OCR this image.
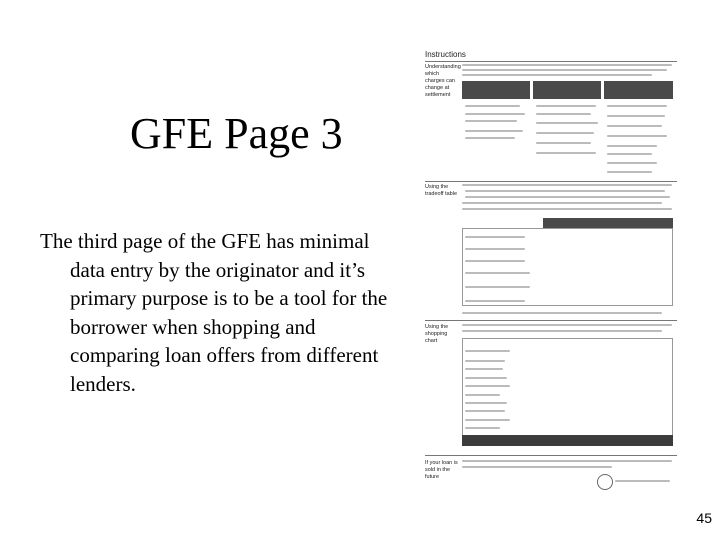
GFE Page 3

The third page of the GFE has minimal data entry by the originator and it’s primary purpose is to be a tool for the borrower when shopping and comparing loan offers from different lenders.

Instructions
Understanding which charges can change at settlement
Using the tradeoff table
Using the shopping chart
If your loan is sold in the future
45
